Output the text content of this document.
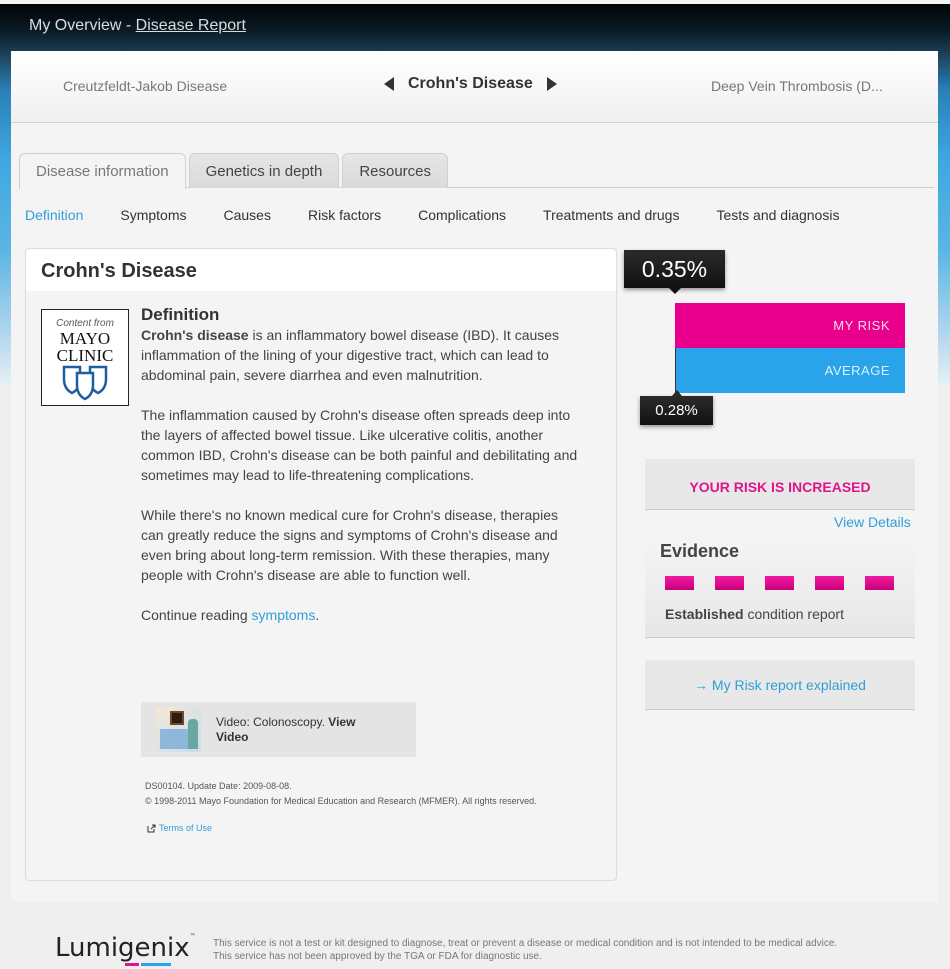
My Overview - Disease Report
Creutzfeldt-Jakob Disease	Crohn's Disease	Deep Vein Thrombosis (D...
Disease information	Genetics in depth	Resources
Definition	Symptoms	Causes	Risk factors	Complications	Treatments and drugs	Tests and diagnosis
Crohn's Disease
Content from
MAYO
CLINIC
Definition

Crohn's disease is an inflammatory bowel disease (IBD). It causes inflammation of the lining of your digestive tract, which can lead to abdominal pain, severe diarrhea and even malnutrition.

The inflammation caused by Crohn's disease often spreads deep into the layers of affected bowel tissue. Like ulcerative colitis, another common IBD, Crohn's disease can be both painful and debilitating and sometimes may lead to life-threatening complications.

While there's no known medical cure for Crohn's disease, therapies can greatly reduce the signs and symptoms of Crohn's disease and even bring about long-term remission. With these therapies, many people with Crohn's disease are able to function well.

Continue reading symptoms.

Video: Colonoscopy. View Video
DS00104. Update Date: 2009-08-08.
© 1998-2011 Mayo Foundation for Medical Education and Research (MFMER). All rights reserved.
Terms of Use
0.35%
MY RISK
AVERAGE
0.28%
YOUR RISK IS INCREASED
View Details
Evidence
Established condition report
→ My Risk report explained
Lumigenix™
This service is not a test or kit designed to diagnose, treat or prevent a disease or medical condition and is not intended to be medical advice.
This service has not been approved by the TGA or FDA for diagnostic use.
